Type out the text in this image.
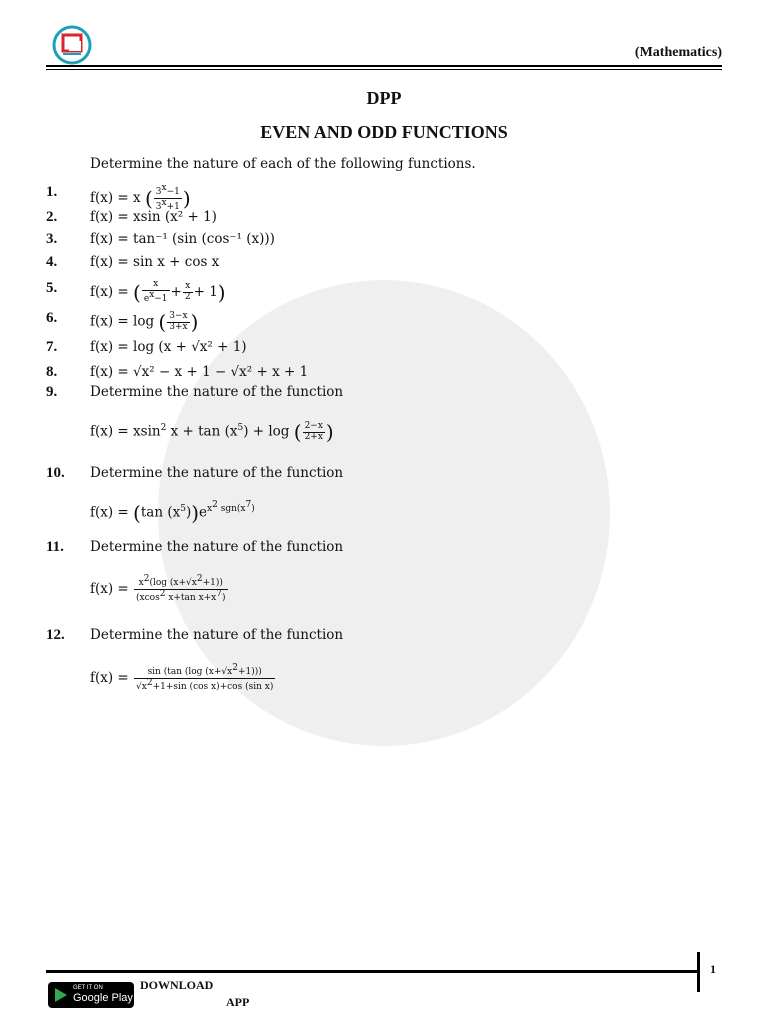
(Mathematics)
DPP
EVEN AND ODD FUNCTIONS
Determine the nature of each of the following functions.
1. f(x) = x ( $\frac{3^x-1}{3^x+1}$ )
2. f(x) = xsin (x² + 1)
3. f(x) = tan⁻¹ (sin (cos⁻¹ (x)))
4. f(x) = sin x + cos x
5. f(x) = ( $\frac{x}{e^x-1} + \frac{x}{2} + 1$)
6. f(x) = log ( $\frac{3-x}{3+x}$ )
7. f(x) = log (x + √x² + 1)
8. f(x) = √x² − x + 1 − √x² + x + 1
9. Determine the nature of the function
f(x) = xsin$^2$ $x + \tan (x^5) + \log$ ( $\frac{2-x}{2+x}$ )
10. Determine the nature of the function
f(x) = (tan $(x^5))e^{x^2 sgn(x^7)}$
11. Determine the nature of the function
$f(x) = \frac{x^2(\log (x+√x^2+1))}{(xcos^2 x+\tan x+x^7)}$
12. Determine the nature of the function
$f(x) = \frac{\sin (\tan (\log (x+√x^2+1)))}{√x^2+1+\sin (\cos x)+\cos (\sin x)}$
1
GET IT ON
Google Play
DOWNLOAD
APP
